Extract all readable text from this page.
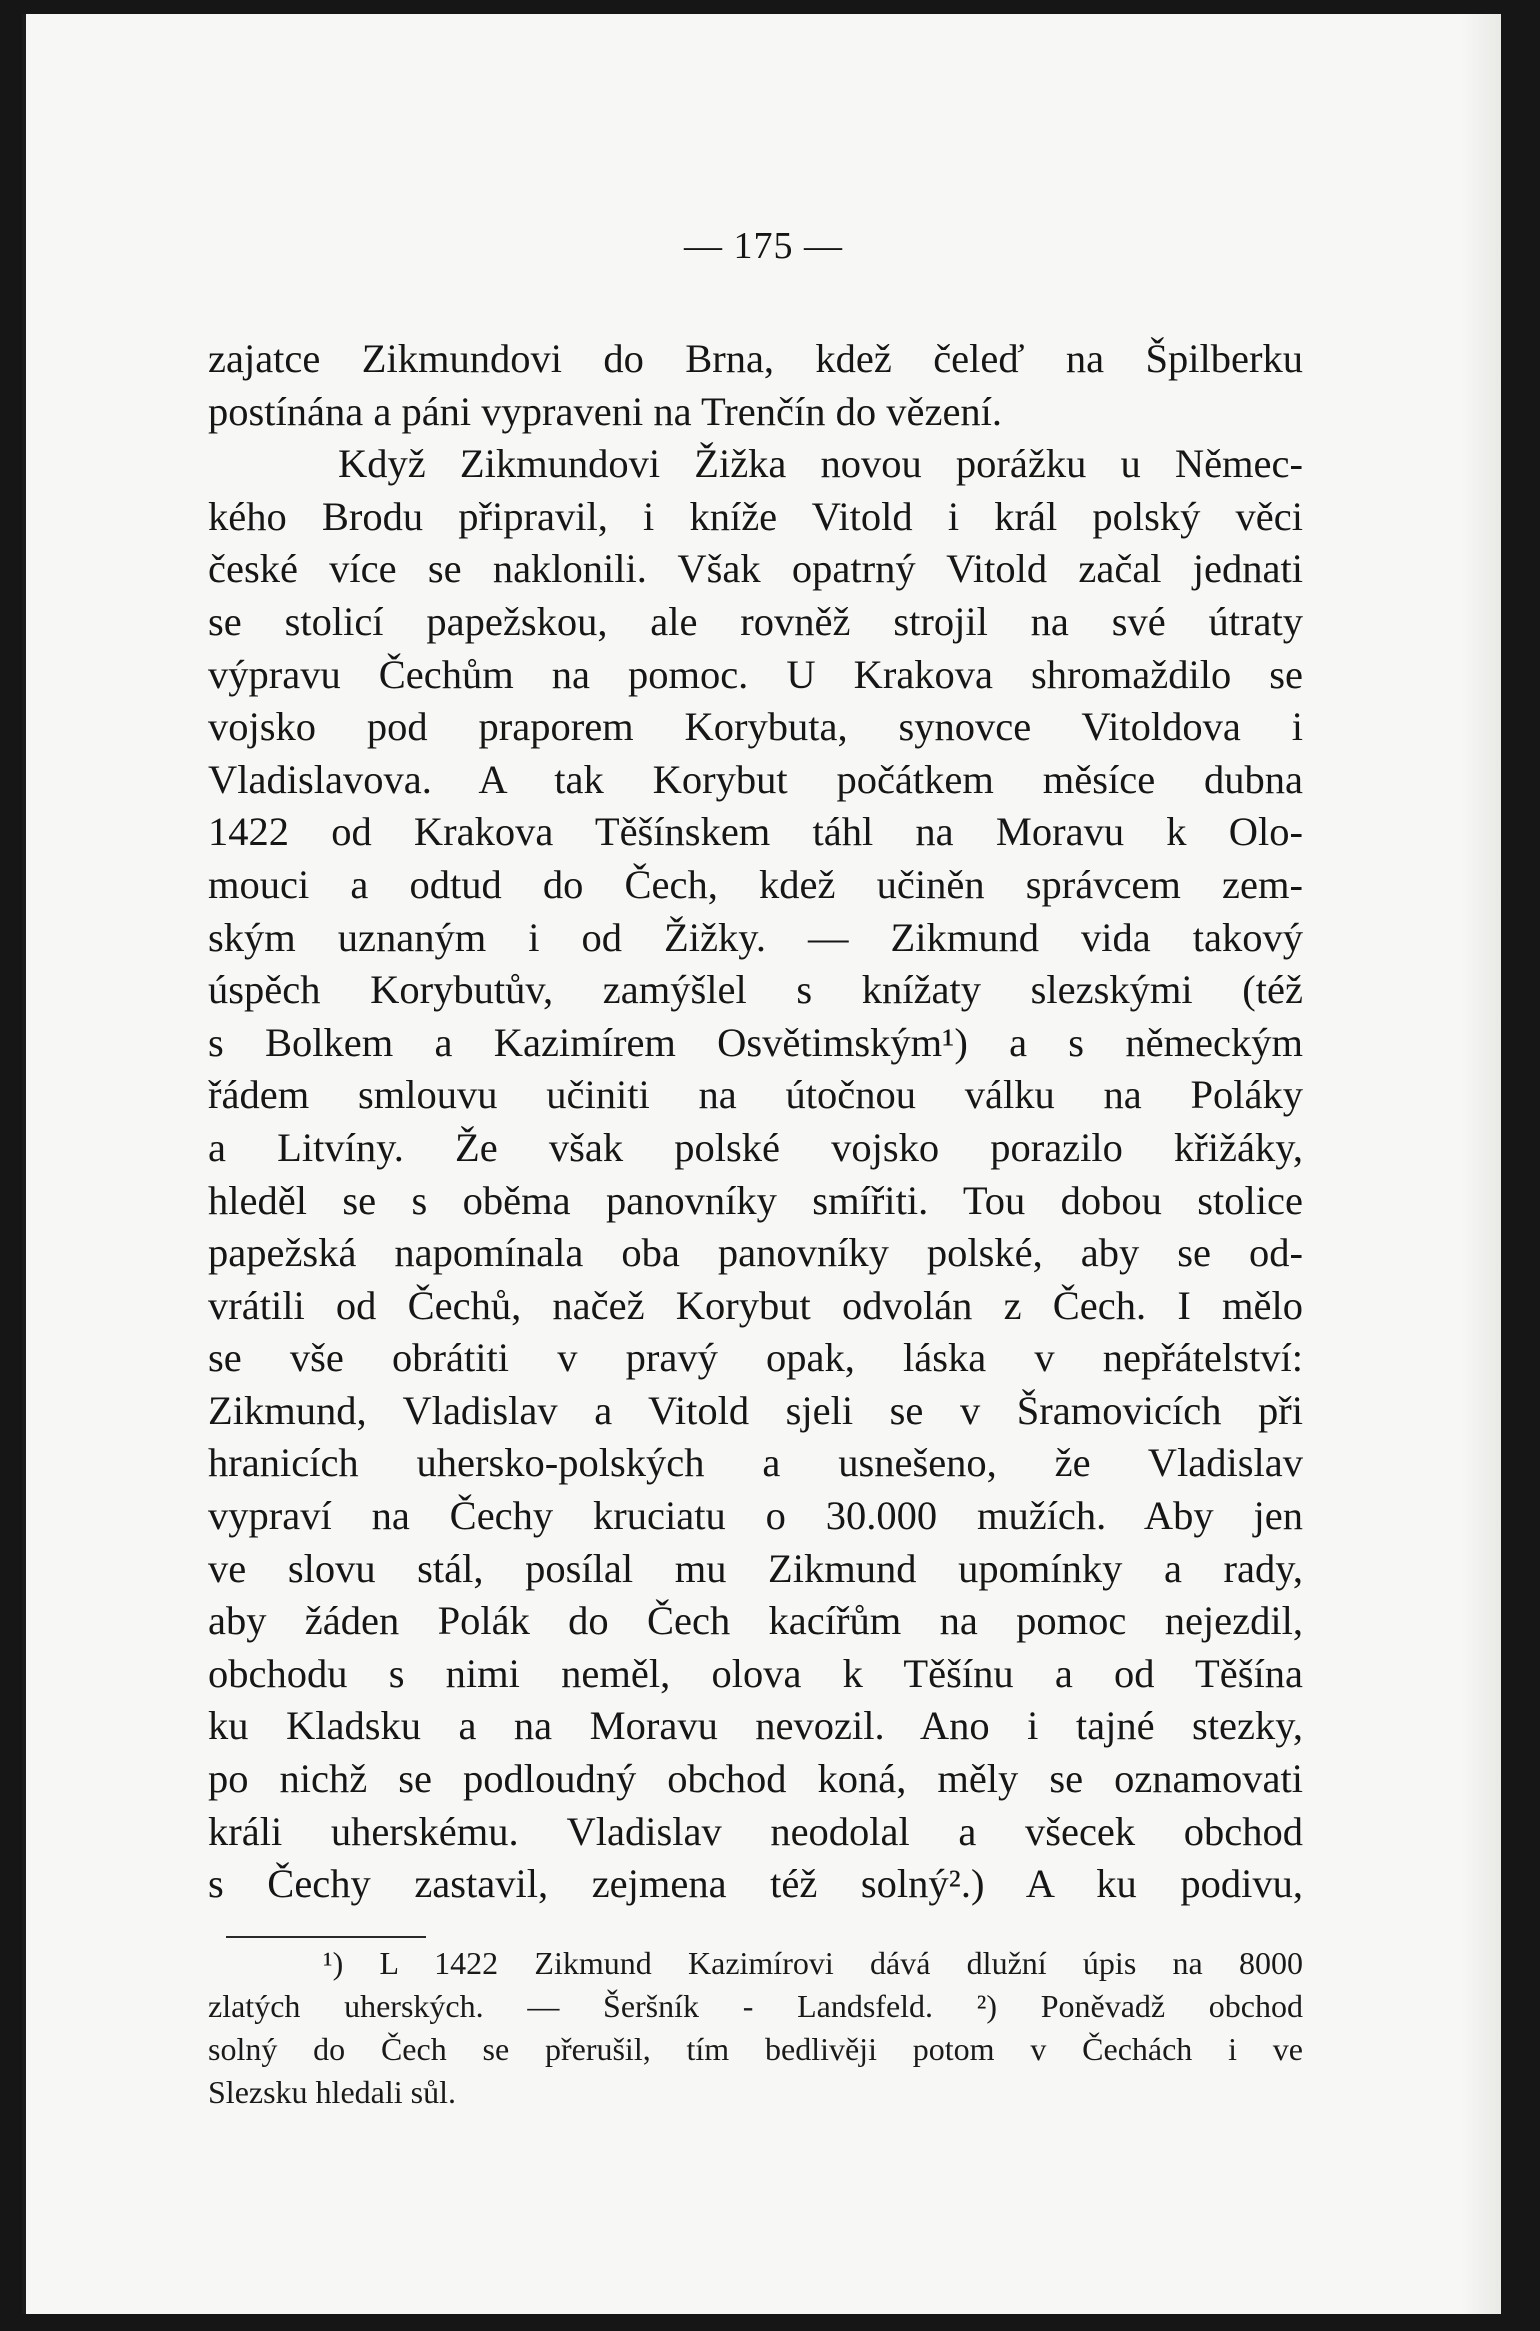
— 175 —
zajatce Zikmundovi do Brna, kdež čeleď na Špilberku
postínána a páni vypraveni na Trenčín do vězení.
Když Zikmundovi Žižka novou porážku u Němec-
kého Brodu připravil, i kníže Vitold i král polský věci
české více se naklonili. Však opatrný Vitold začal jednati
se stolicí papežskou, ale rovněž strojil na své útraty
výpravu Čechům na pomoc. U Krakova shromaždilo se
vojsko pod praporem Korybuta, synovce Vitoldova i
Vladislavova. A tak Korybut počátkem měsíce dubna
1422 od Krakova Těšínskem táhl na Moravu k Olo-
mouci a odtud do Čech, kdež učiněn správcem zem-
ským uznaným i od Žižky. — Zikmund vida takový
úspěch Korybutův, zamýšlel s knížaty slezskými (též
s Bolkem a Kazimírem Osvětimským¹) a s německým
řádem smlouvu učiniti na útočnou válku na Poláky
a Litvíny. Že však polské vojsko porazilo křižáky,
hleděl se s oběma panovníky smířiti. Tou dobou stolice
papežská napomínala oba panovníky polské, aby se od-
vrátili od Čechů, načež Korybut odvolán z Čech. I mělo
se vše obrátiti v pravý opak, láska v nepřátelství:
Zikmund, Vladislav a Vitold sjeli se v Šramovicích při
hranicích uhersko-polských a usnešeno, že Vladislav
vypraví na Čechy kruciatu o 30.000 mužích. Aby jen
ve slovu stál, posílal mu Zikmund upomínky a rady,
aby žáden Polák do Čech kacířům na pomoc nejezdil,
obchodu s nimi neměl, olova k Těšínu a od Těšína
ku Kladsku a na Moravu nevozil. Ano i tajné stezky,
po nichž se podloudný obchod koná, měly se oznamovati
králi uherskému. Vladislav neodolal a všecek obchod
s Čechy zastavil, zejmena též solný².) A ku podivu,
¹) L 1422 Zikmund Kazimírovi dává dlužní úpis na 8000
zlatých uherských. — Šeršník - Landsfeld. ²) Poněvadž obchod
solný do Čech se přerušil, tím bedlivěji potom v Čechách i ve
Slezsku hledali sůl.
